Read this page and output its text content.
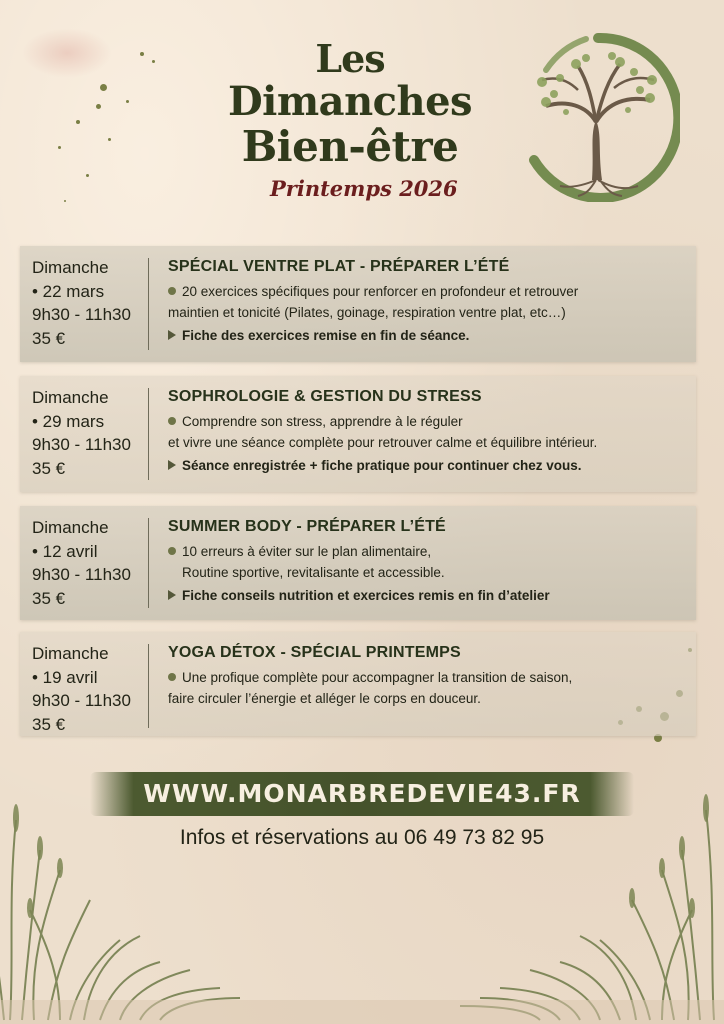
Les
Dimanches
Bien-être
Printemps 2026
Dimanche
• 22 mars
9h30 - 11h30
35 €
SPÉCIAL VENTRE PLAT - PRÉPARER L’ÉTÉ
20 exercices spécifiques pour renforcer en profondeur et retrouver
maintien et tonicité (Pilates, goinage, respiration ventre plat, etc…)
Fiche des exercices remise en fin de séance.
Dimanche
• 29 mars
9h30 - 11h30
35 €
SOPHROLOGIE & GESTION DU STRESS
Comprendre son stress, apprendre à le réguler
et vivre une séance complète pour retrouver calme et équilibre intérieur.
Séance enregistrée + fiche pratique pour continuer chez vous.
Dimanche
• 12 avril
9h30 - 11h30
35 €
SUMMER BODY - PRÉPARER L’ÉTÉ
10 erreurs à éviter sur le plan alimentaire,
Routine sportive, revitalisante et accessible.
Fiche conseils nutrition et exercices remis en fin d’atelier
Dimanche
• 19 avril
9h30 - 11h30
35 €
YOGA DÉTOX - SPÉCIAL PRINTEMPS
Une profique complète pour accompagner la transition de saison,
faire circuler l’énergie et alléger le corps en douceur.
WWW.MONARBREDEVIE43.FR
Infos et réservations au 06 49 73 82 95
